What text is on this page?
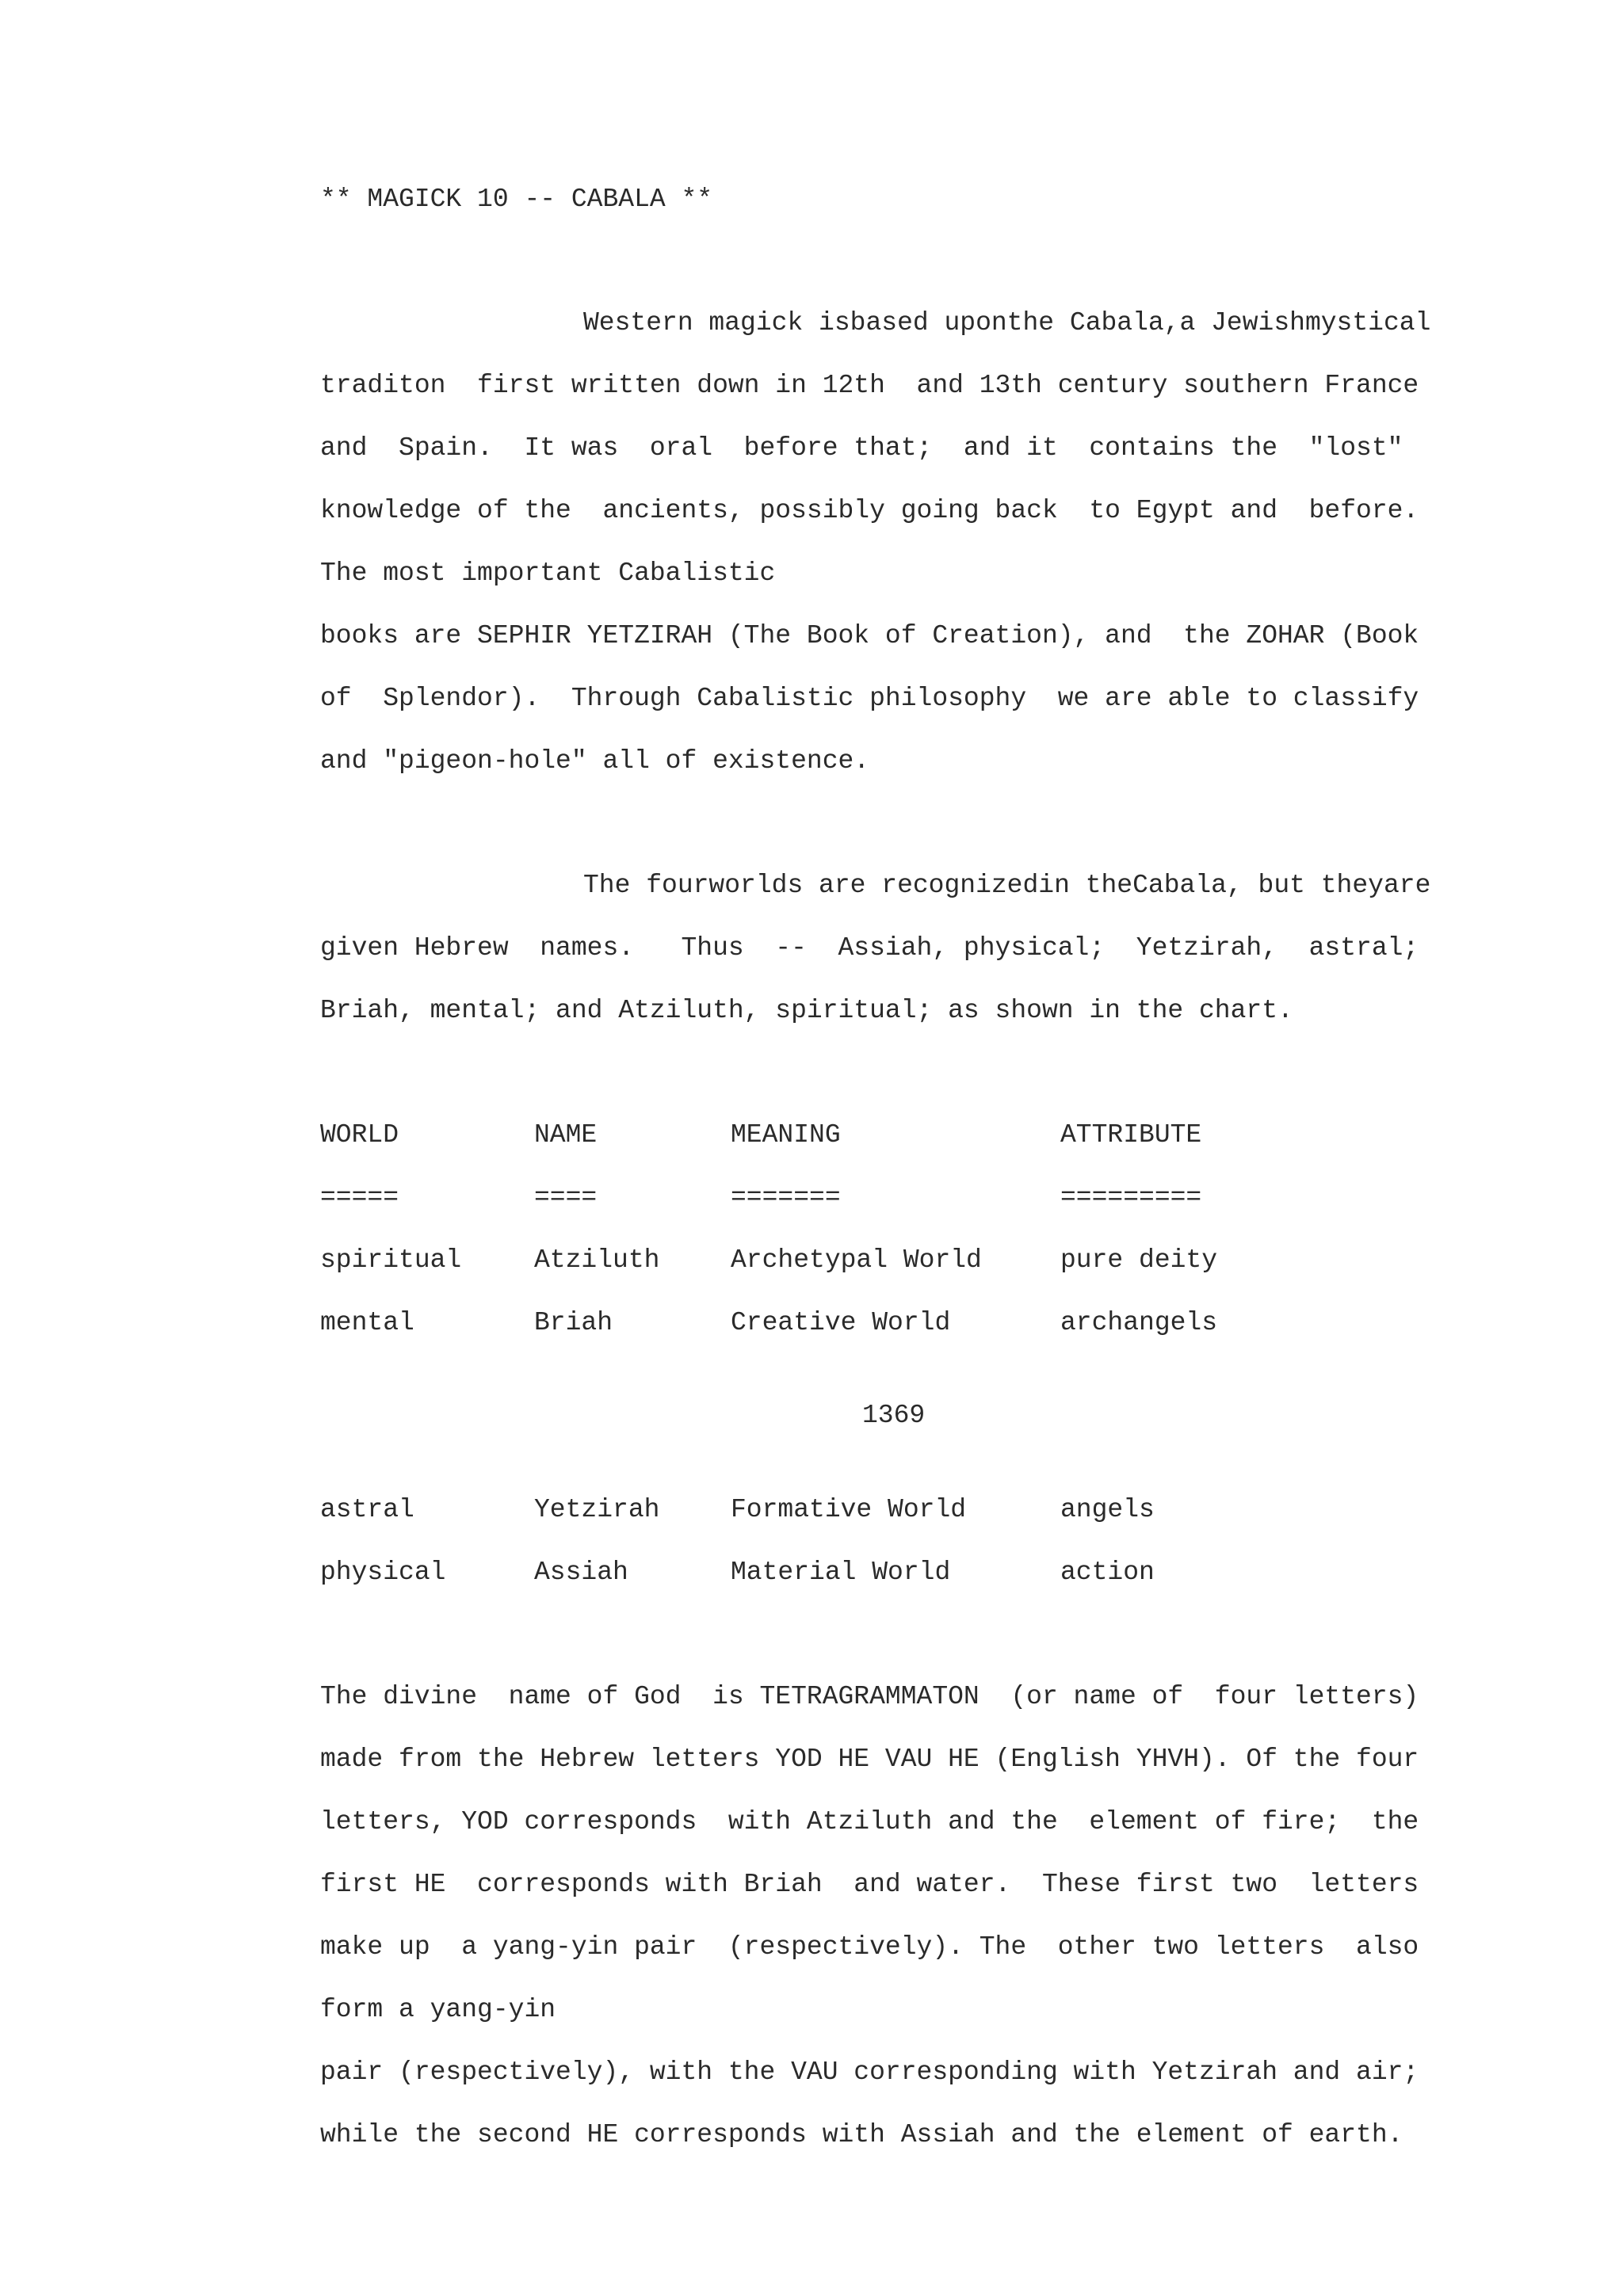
** MAGICK 10 -- CABALA **
Western magick isbased uponthe Cabala,a Jewishmystical
traditon  first written down in 12th  and 13th century southern France
and  Spain.  It was  oral  before that;  and it  contains the  "lost"
knowledge of the  ancients, possibly going back  to Egypt and  before.
The most important Cabalistic
books are SEPHIR YETZIRAH (The Book of Creation), and  the ZOHAR (Book
of  Splendor).  Through Cabalistic philosophy  we are able to classify
and "pigeon-hole" all of existence.
The fourworlds are recognizedin theCabala, but theyare
given Hebrew  names.   Thus  --  Assiah, physical;  Yetzirah,  astral;
Briah, mental; and Atziluth, spiritual; as shown in the chart.
WORLD	NAME	MEANING	ATTRIBUTE
=====	====	=======	=========
spiritual	Atziluth	Archetypal World	pure deity
mental	Briah	Creative World	archangels
1369
astral	Yetzirah	Formative World	angels
physical	Assiah	Material World	action
The divine  name of God  is TETRAGRAMMATON  (or name of  four letters)
made from the Hebrew letters YOD HE VAU HE (English YHVH). Of the four
letters, YOD corresponds  with Atziluth and the  element of fire;  the
first HE  corresponds with Briah  and water.  These first two  letters
make up  a yang-yin pair  (respectively). The  other two letters  also
form a yang-yin
pair (respectively), with the VAU corresponding with Yetzirah and air;
while the second HE corresponds with Assiah and the element of earth.
